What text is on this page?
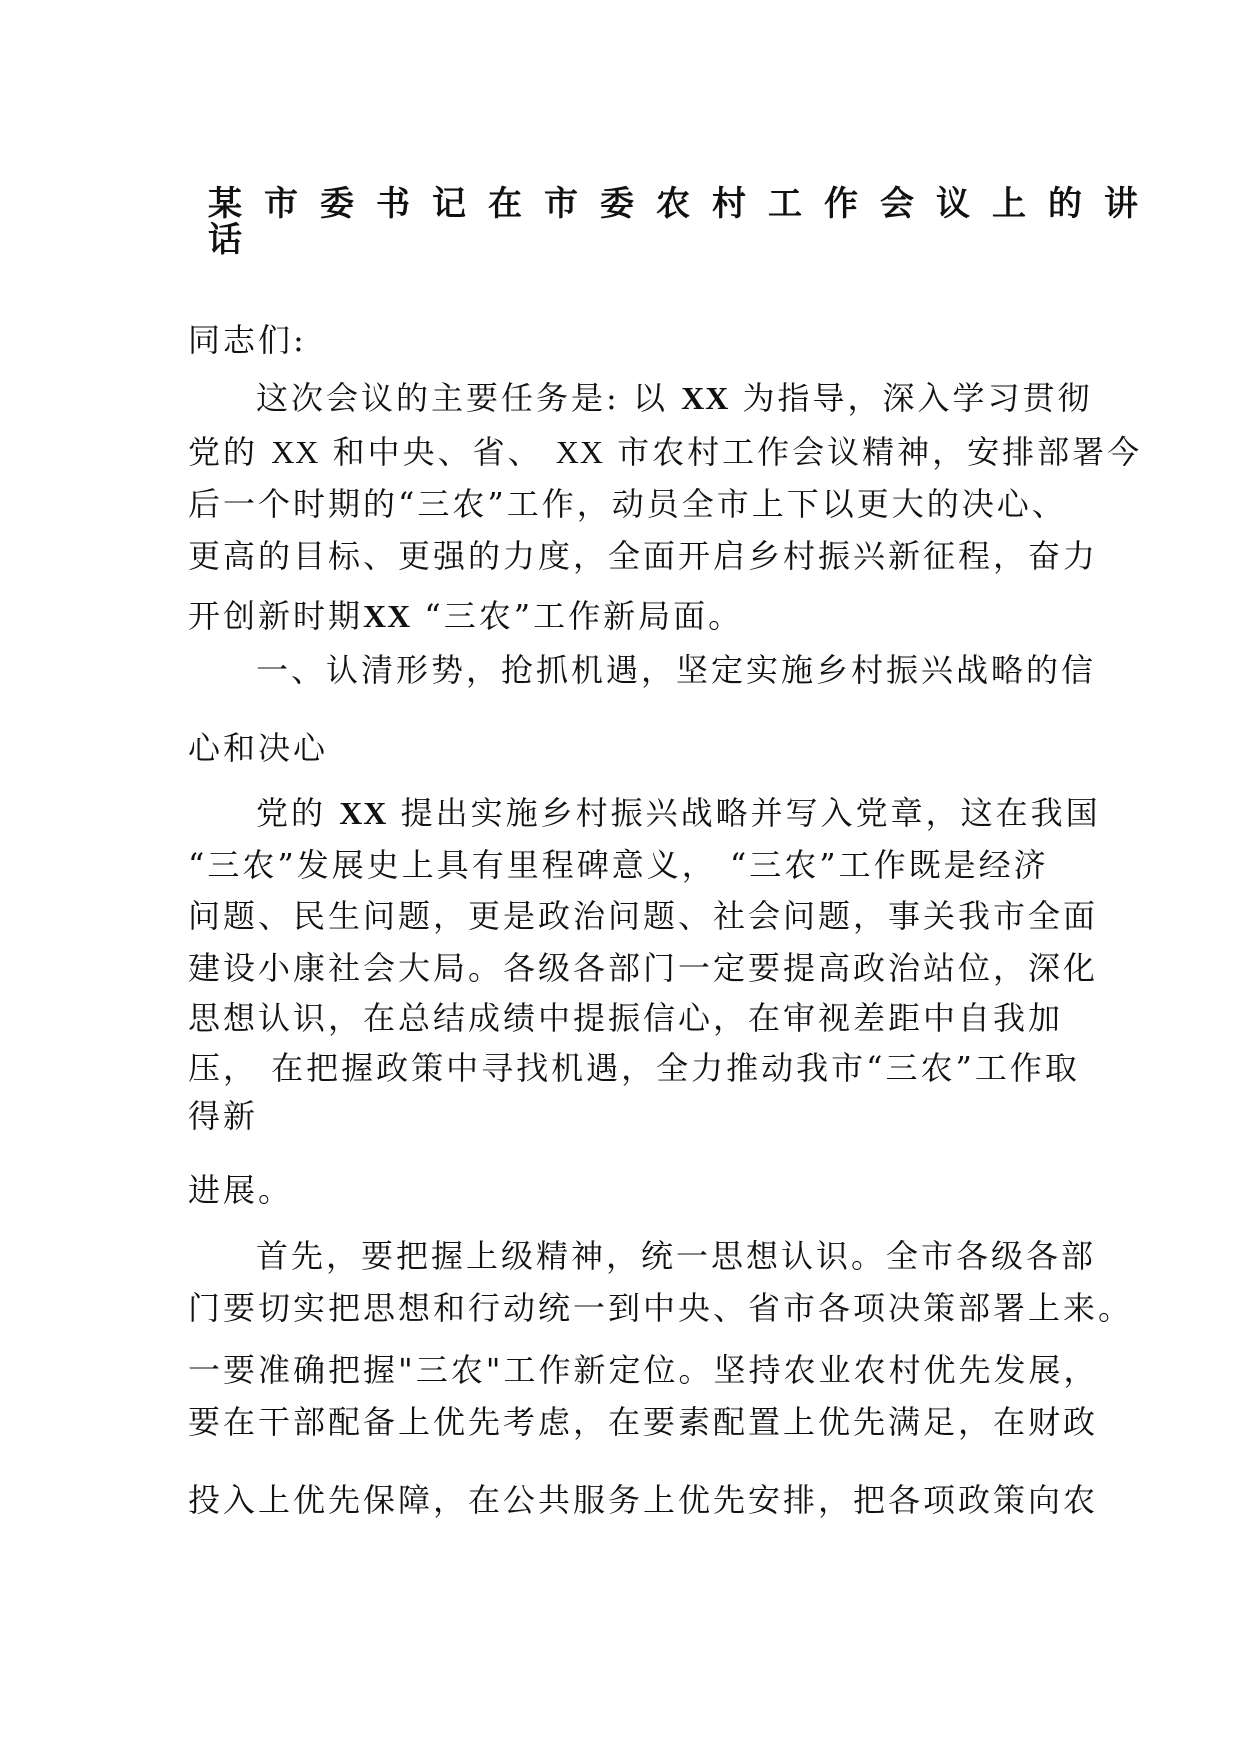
某市委书记在市委农村工作会议上的讲
话

同志们:

这次会议的主要任务是: 以 XX 为指导，深入学习贯彻

党的 XX 和中央、省、 XX 市农村工作会议精神，安排部署今

后一个时期的“三农”工作，动员全市上下以更大的决心、

更高的目标、更强的力度，全面开启乡村振兴新征程，奋力

开创新时期XX “三农”工作新局面。

一、认清形势，抢抓机遇，坚定实施乡村振兴战略的信

心和决心

党的 XX 提出实施乡村振兴战略并写入党章，这在我国

“三农”发展史上具有里程碑意义， “三农”工作既是经济

问题、民生问题，更是政治问题、社会问题，事关我市全面

建设小康社会大局。各级各部门一定要提高政治站位，深化

思想认识，在总结成绩中提振信心，在审视差距中自我加

压， 在把握政策中寻找机遇，全力推动我市“三农”工作取

得新

进展。

首先，要把握上级精神，统一思想认识。全市各级各部

门要切实把思想和行动统一到中央、省市各项决策部署上来。

一要准确把握"三农"工作新定位。坚持农业农村优先发展，

要在干部配备上优先考虑，在要素配置上优先满足，在财政

投入上优先保障，在公共服务上优先安排，把各项政策向农
